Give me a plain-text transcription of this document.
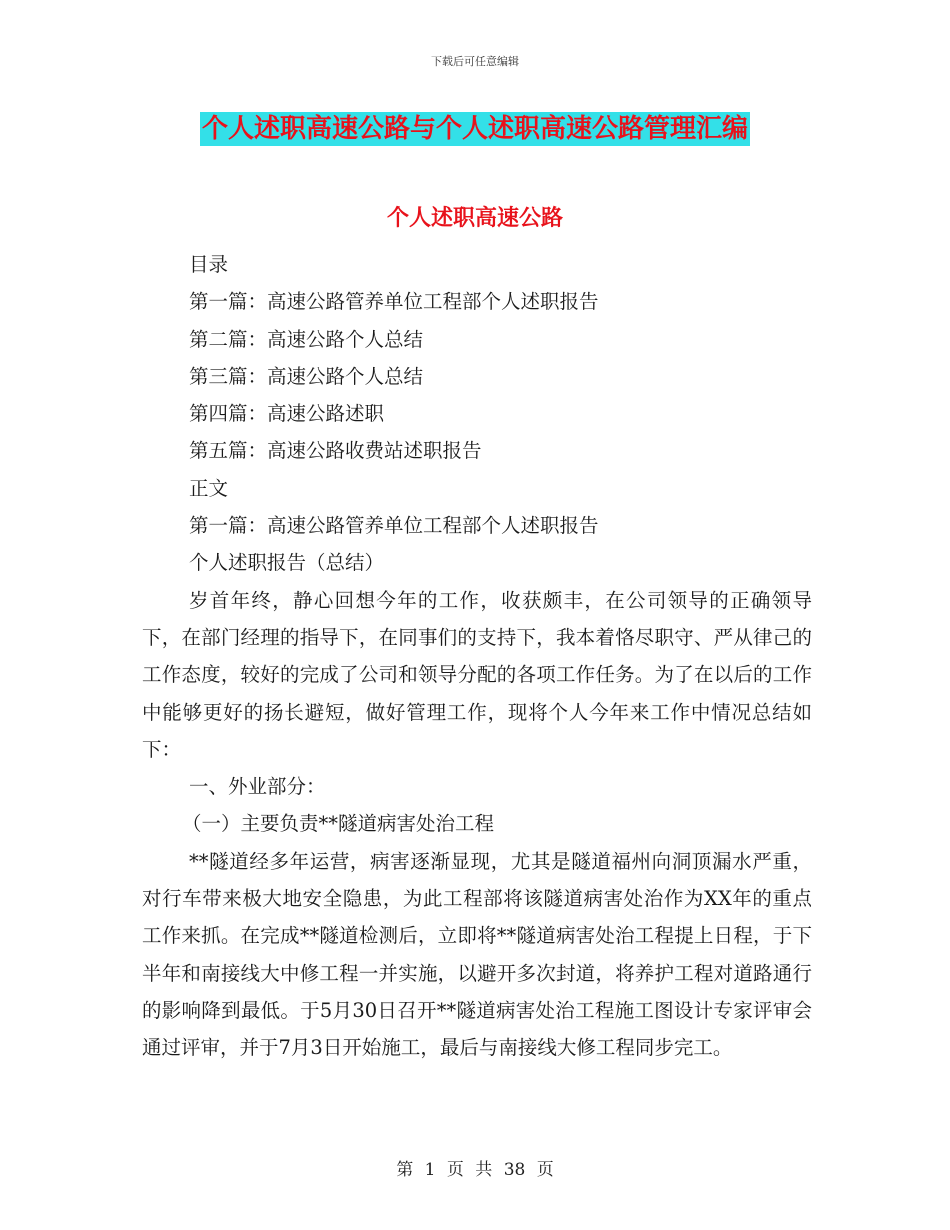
下载后可任意编辑
个人述职高速公路与个人述职高速公路管理汇编
个人述职高速公路

目录

第一篇：高速公路管养单位工程部个人述职报告

第二篇：高速公路个人总结

第三篇：高速公路个人总结

第四篇：高速公路述职

第五篇：高速公路收费站述职报告

正文

第一篇：高速公路管养单位工程部个人述职报告

个人述职报告（总结）

岁首年终，静心回想今年的工作，收获颇丰，在公司领导的正确领导下，在部门经理的指导下，在同事们的支持下，我本着恪尽职守、严从律己的工作态度，较好的完成了公司和领导分配的各项工作任务。为了在以后的工作中能够更好的扬长避短，做好管理工作，现将个人今年来工作中情况总结如下：

一、外业部分：

（一）主要负责**隧道病害处治工程

**隧道经多年运营，病害逐渐显现，尤其是隧道福州向洞顶漏水严重，对行车带来极大地安全隐患，为此工程部将该隧道病害处治作为XX年的重点工作来抓。在完成**隧道检测后，立即将**隧道病害处治工程提上日程，于下半年和南接线大中修工程一并实施，以避开多次封道，将养护工程对道路通行的影响降到最低。于5月30日召开**隧道病害处治工程施工图设计专家评审会通过评审，并于7月3日开始施工，最后与南接线大修工程同步完工。

第 1 页 共 38 页
